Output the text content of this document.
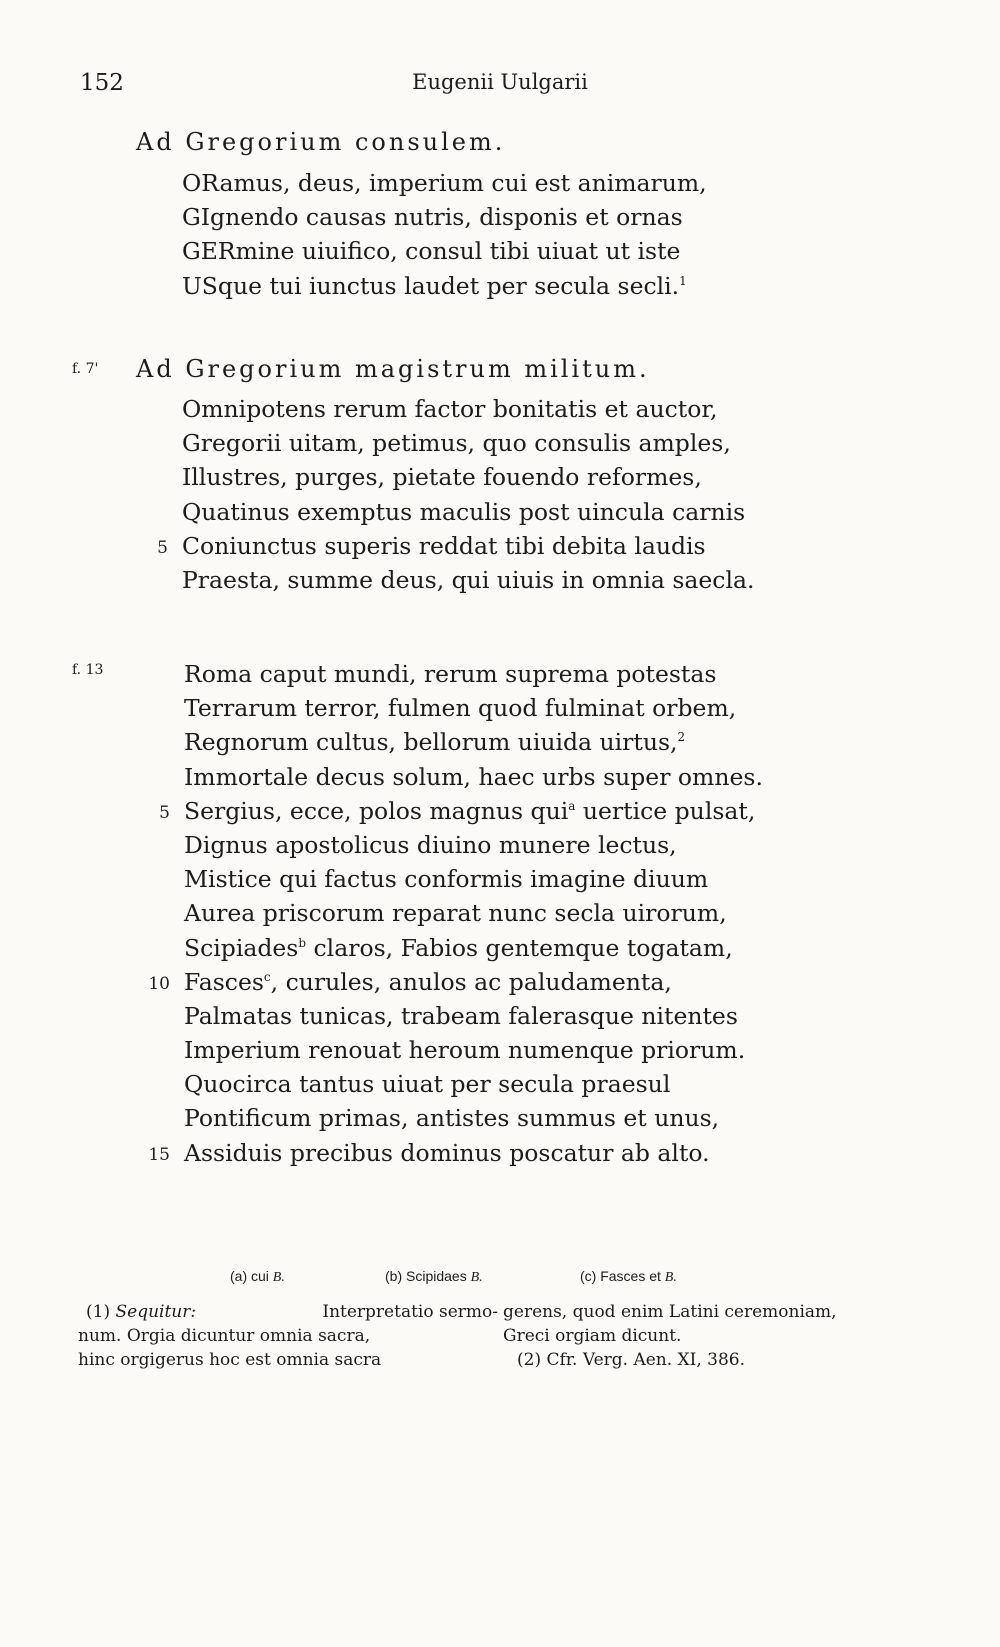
152	Eugenii Uulgarii
Ad Gregorium consulem.
ORamus, deus, imperium cui est animarum,
GIgnendo causas nutris, disponis et ornas
GERmine uiuifico, consul tibi uiuat ut iste
USque tui iunctus laudet per secula secli.$^1$
f. 7' Ad Gregorium magistrum militum.
Omnipotens rerum factor bonitatis et auctor,
Gregorii uitam, petimus, quo consulis amples,
Illustres, purges, pietate fouendo reformes,
Quatinus exemptus maculis post uincula carnis
5 Coniunctus superis reddat tibi debita laudis
Praesta, summe deus, qui uiuis in omnia saecla.
f. 13	Roma caput mundi, rerum suprema potestas
Terrarum terror, fulmen quod fulminat orbem,
Regnorum cultus, bellorum uiuida uirtus,$^2$
Immortale decus solum, haec urbs super omnes.
5 Sergius, ecce, polos magnus qui$^a$ uertice pulsat,
Dignus apostolicus diuino munere lectus,
Mistice qui factus conformis imagine diuum
Aurea priscorum reparat nunc secla uirorum,
Scipiades$^b$ claros, Fabios gentemque togatam,
10 Fasces$^c$, curules, anulos ac paludamenta,
Palmatas tunicas, trabeam falerasque nitentes
Imperium renouat heroum numenque priorum.
Quocirca tantus uiuat per secula praesul
Pontificum primas, antistes summus et unus,
15 Assiduis precibus dominus poscatur ab alto.
(a) cui B.	(b) Scipidaes B.	(c) Fasces et B.
(1) Sequitur:	Interpretatio sermo-
num. Orgia dicuntur omnia sacra,
hinc orgigerus hoc est omnia sacra
gerens, quod enim Latini ceremoniam,
Greci orgiam dicunt.
(2) Cfr. Verg. Aen. XI, 386.
